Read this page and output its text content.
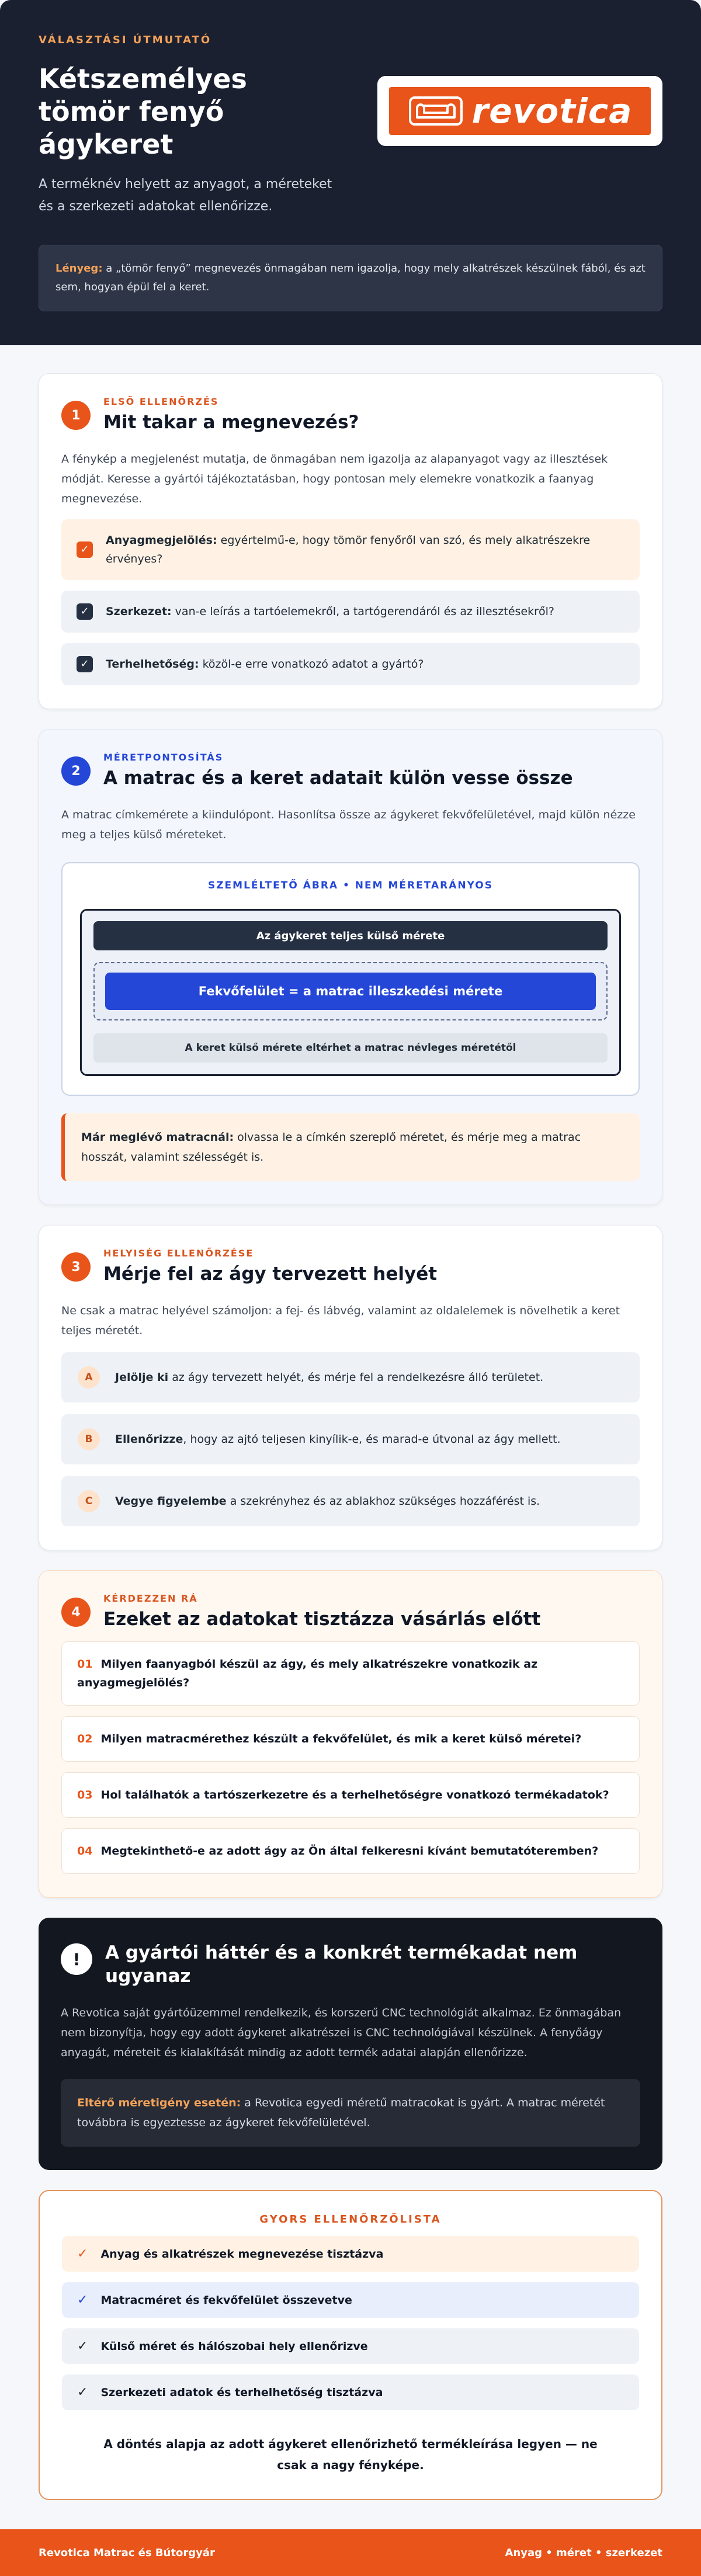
VÁLASZTÁSI ÚTMUTATÓ
Kétszemélyes tömör fenyő ágykeret

A terméknév helyett az anyagot, a méreteket és a szerkezeti adatokat ellenőrizze.

revotica
Lényeg: a „tömör fenyő” megnevezés önmagában nem igazolja, hogy mely alkatrészek készülnek fából, és azt sem, hogyan épül fel a keret.
1
ELSŐ ELLENŐRZÉS
Mit takar a megnevezés?

A fénykép a megjelenést mutatja, de önmagában nem igazolja az alapanyagot vagy az illesztések módját. Keresse a gyártói tájékoztatásban, hogy pontosan mely elemekre vonatkozik a faanyag megnevezése.

✓
Anyagmegjelölés: egyértelmű-e, hogy tömör fenyőről van szó, és mely alkatrészekre érvényes?
✓	Szerkezet: van-e leírás a tartóelemekről, a tartógerendáról és az illesztésekről?
✓	Terhelhetőség: közöl-e erre vonatkozó adatot a gyártó?
2
MÉRETPONTOSÍTÁS
A matrac és a keret adatait külön vesse össze

A matrac címkemérete a kiindulópont. Hasonlítsa össze az ágykeret fekvőfelületével, majd külön nézze meg a teljes külső méreteket.

SZEMLÉLTETŐ ÁBRA • NEM MÉRETARÁNYOS
Az ágykeret teljes külső mérete
Fekvőfelület = a matrac illeszkedési mérete
A keret külső mérete eltérhet a matrac névleges méretétől
Már meglévő matracnál: olvassa le a címkén szereplő méretet, és mérje meg a matrac hosszát, valamint szélességét is.
3
HELYISÉG ELLENŐRZÉSE
Mérje fel az ágy tervezett helyét

Ne csak a matrac helyével számoljon: a fej- és lábvég, valamint az oldalelemek is növelhetik a keret teljes méretét.

A	Jelölje ki az ágy tervezett helyét, és mérje fel a rendelkezésre álló területet.
B	Ellenőrizze, hogy az ajtó teljesen kinyílik-e, és marad-e útvonal az ágy mellett.
C	Vegye figyelembe a szekrényhez és az ablakhoz szükséges hozzáférést is.
4
KÉRDEZZEN RÁ
Ezeket az adatokat tisztázza vásárlás előtt
01 Milyen faanyagból készül az ágy, és mely alkatrészekre vonatkozik az anyagmegjelölés?
02 Milyen matracmérethez készült a fekvőfelület, és mik a keret külső méretei?
03 Hol találhatók a tartószerkezetre és a terhelhetőségre vonatkozó termékadatok?
04 Megtekinthető-e az adott ágy az Ön által felkeresni kívánt bemutatóteremben?
!	A gyártói háttér és a konkrét termékadat nem ugyanaz

A Revotica saját gyártóüzemmel rendelkezik, és korszerű CNC technológiát alkalmaz. Ez önmagában nem bizonyítja, hogy egy adott ágykeret alkatrészei is CNC technológiával készülnek. A fenyőágy anyagát, méreteit és kialakítását mindig az adott termék adatai alapján ellenőrizze.

Eltérő méretigény esetén: a Revotica egyedi méretű matracokat is gyárt. A matrac méretét továbbra is egyeztesse az ágykeret fekvőfelületével.
GYORS ELLENŐRZŐLISTA
✓ Anyag és alkatrészek megnevezése tisztázva
✓ Matracméret és fekvőfelület összevetve
✓ Külső méret és hálószobai hely ellenőrizve
✓ Szerkezeti adatok és terhelhetőség tisztázva

A döntés alapja az adott ágykeret ellenőrizhető termékleírása legyen — ne csak a nagy fényképe.

Revotica Matrac és Bútorgyár	Anyag • méret • szerkezet
